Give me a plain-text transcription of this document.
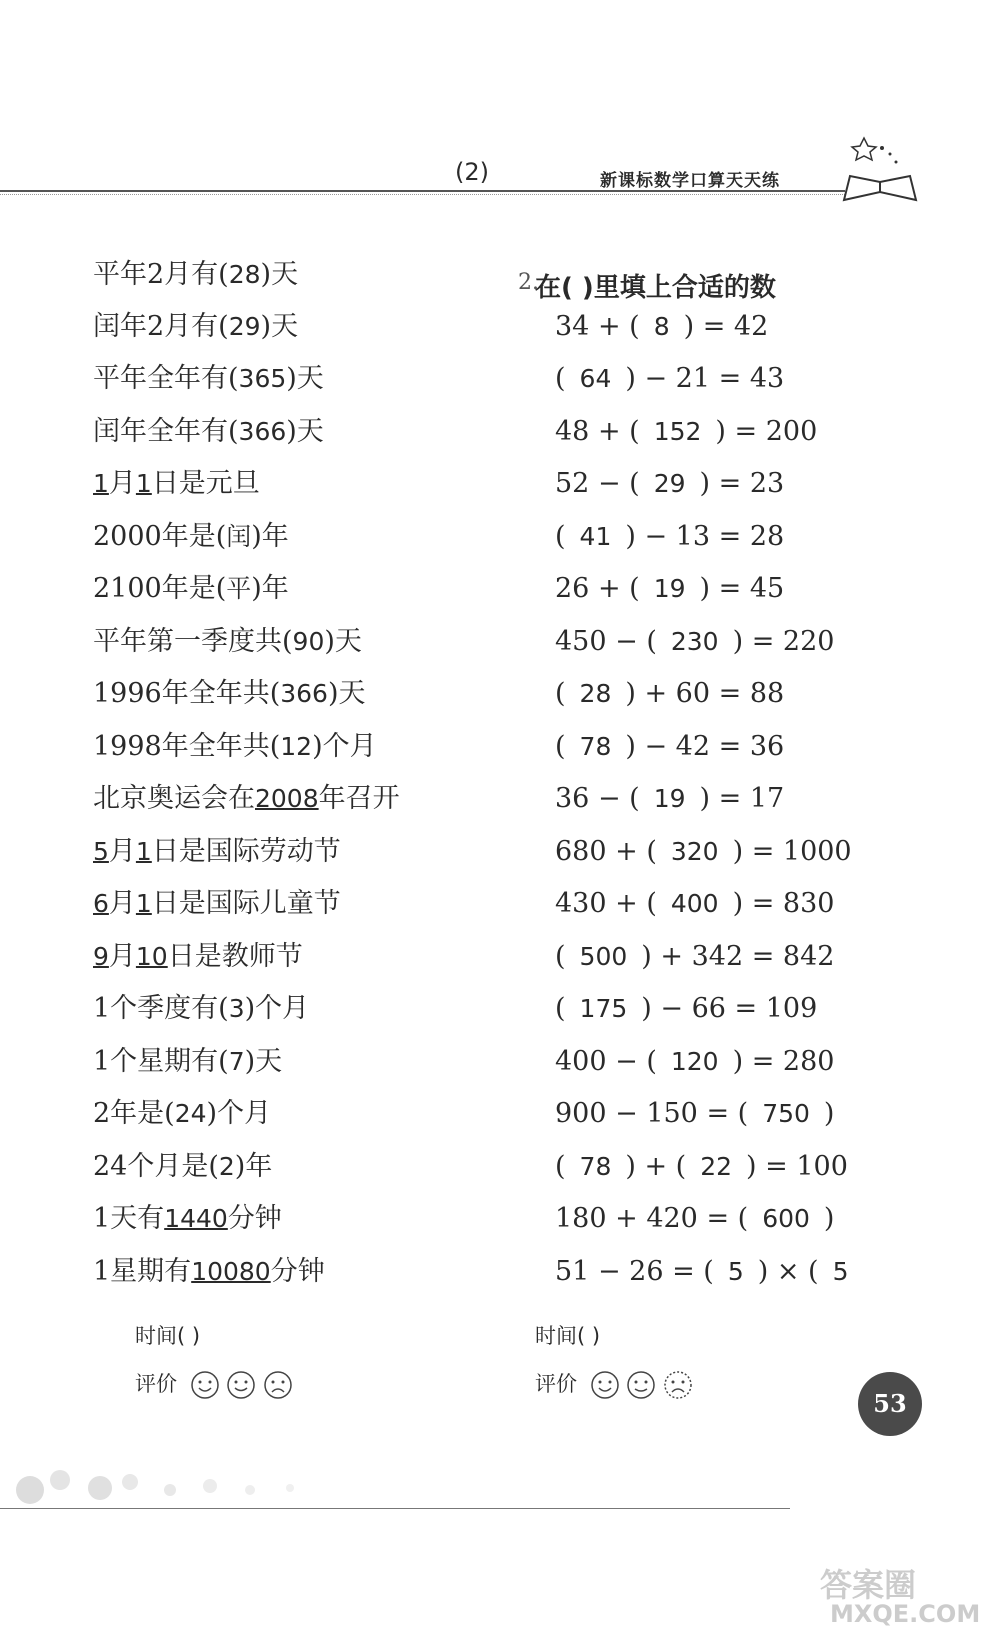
(2)	新课标数学口算天天练
平年2月有(28)天
闰年2月有(29)天
平年全年有(365)天
闰年全年有(366)天
1月1日是元旦
2000年是(闰)年
2100年是(平)年
平年第一季度共(90)天
1996年全年共(366)天
1998年全年共(12)个月
北京奥运会在2008年召开
5月1日是国际劳动节
6月1日是国际儿童节
9月10日是教师节
1个季度有(3)个月
1个星期有(7)天
2年是(24)个月
24个月是(2)年
1天有1440分钟
1星期有10080分钟
2.
在( )里填上合适的数
34 + ( 8 ) = 42
( 64 ) − 21 = 43
48 + ( 152 ) = 200
52 − ( 29 ) = 23
( 41 ) − 13 = 28
26 + ( 19 ) = 45
450 − ( 230 ) = 220
( 28 ) + 60 = 88
( 78 ) − 42 = 36
36 − ( 19 ) = 17
680 + ( 320 ) = 1000
430 + ( 400 ) = 830
( 500 ) + 342 = 842
( 175 ) − 66 = 109
400 − ( 120 ) = 280
900 − 150 = ( 750 )
( 78 ) + ( 22 ) = 100
180 + 420 = ( 600 )
51 − 26 = ( 5 ) × ( 5
时间( )
评价
时间( )
评价
53
答案圈
MXQE.COM
